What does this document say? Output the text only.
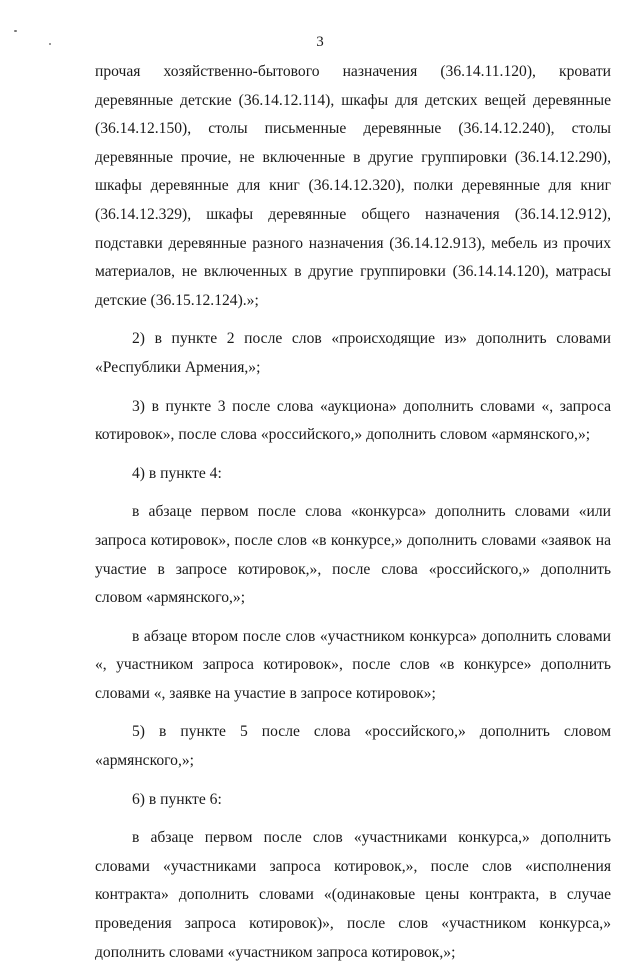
3

прочая хозяйственно-бытового назначения (36.14.11.120), кровати деревянные детские (36.14.12.114), шкафы для детских вещей деревянные (36.14.12.150), столы письменные деревянные (36.14.12.240), столы деревянные прочие, не включенные в другие группировки (36.14.12.290), шкафы деревянные для книг (36.14.12.320), полки деревянные для книг (36.14.12.329), шкафы деревянные общего назначения (36.14.12.912), подставки деревянные разного назначения (36.14.12.913), мебель из прочих материалов, не включенных в другие группировки (36.14.14.120), матрасы детские (36.15.12.124).»;

2) в пункте 2 после слов «происходящие из» дополнить словами «Республики Армения,»;

3) в пункте 3 после слова «аукциона» дополнить словами «, запроса котировок», после слова «российского,» дополнить словом «армянского,»;

4) в пункте 4:

в абзаце первом после слова «конкурса» дополнить словами «или запроса котировок», после слов «в конкурсе,» дополнить словами «заявок на участие в запросе котировок,», после слова «российского,» дополнить словом «армянского,»;

в абзаце втором после слов «участником конкурса» дополнить словами «, участником запроса котировок», после слов «в конкурсе» дополнить словами «, заявке на участие в запросе котировок»;

5) в пункте 5 после слова «российского,» дополнить словом «армянского,»;

6) в пункте 6:

в абзаце первом после слов «участниками конкурса,» дополнить словами «участниками запроса котировок,», после слов «исполнения контракта» дополнить словами «(одинаковые цены контракта, в случае проведения запроса котировок)», после слов «участником конкурса,» дополнить словами «участником запроса котировок,»;
